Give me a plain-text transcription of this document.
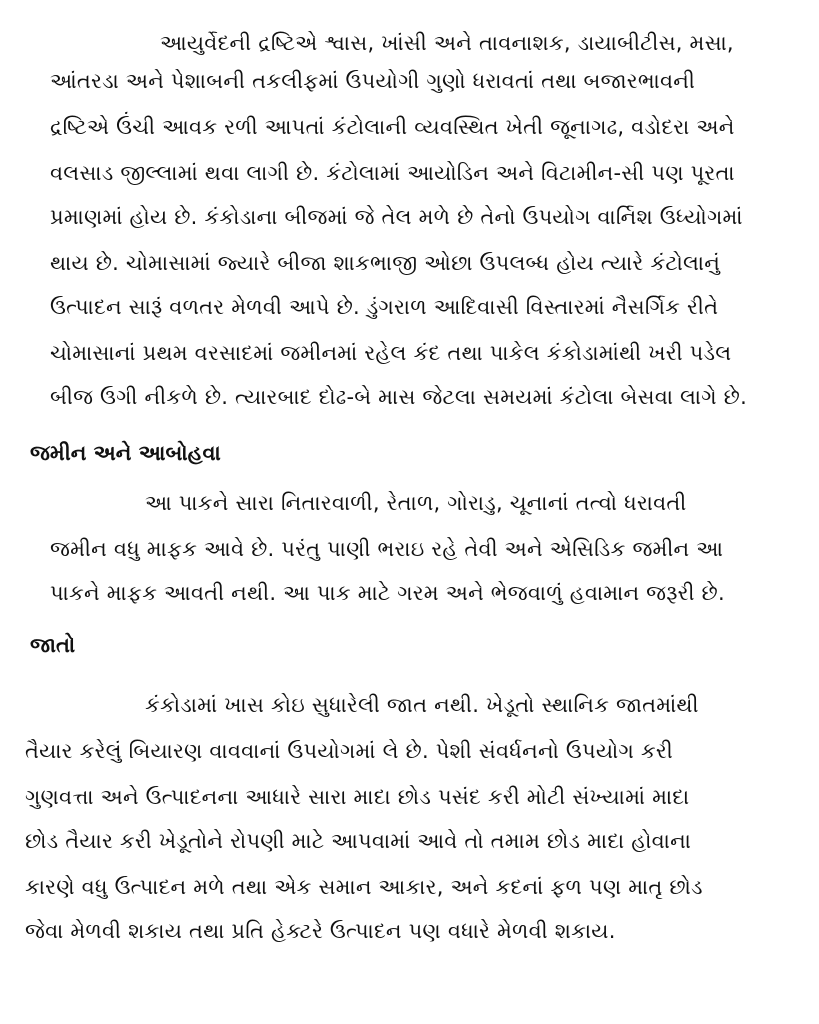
આયુર્વેદની દ્રષ્ટિએ શ્વાસ, ખાંસી અને તાવનાશક, ડાયાબીટીસ, મસા,
આંતરડા અને પેશાબની તકલીફમાં ઉપયોગી ગુણો ધરાવતાં તથા બજારભાવની
દ્રષ્ટિએ ઉંચી આવક રળી આપતાં કંટોલાની વ્યવસ્થિત ખેતી જૂનાગઢ, વડોદરા અને
વલસાડ જીલ્લામાં થવા લાગી છે. કંટોલામાં આયોડિન અને વિટામીન-સી પણ પૂરતા
પ્રમાણમાં હોય છે. કંકોડાના બીજમાં જે તેલ મળે છે તેનો ઉપયોગ વાર્નિશ ઉધ્યોગમાં
થાય છે. ચોમાસામાં જ્યારે બીજા શાકભાજી ઓછા ઉપલબ્ધ હોય ત્યારે કંટોલાનું
ઉત્પાદન સારૂં વળતર મેળવી આપે છે. ડુંગરાળ આદિવાસી વિસ્તારમાં નૈસર્ગિક રીતે
ચોમાસાનાં પ્રથમ વરસાદમાં જમીનમાં રહેલ કંદ તથા પાકેલ કંકોડામાંથી ખરી પડેલ
બીજ ઉગી નીકળે છે. ત્યારબાદ દોઢ-બે માસ જેટલા સમયમાં કંટોલા બેસવા લાગે છે.
જમીન અને આબોહવા
આ પાકને સારા નિતારવાળી, રેતાળ, ગોરાડુ, ચૂનાનાં તત્વો ધરાવતી
જમીન વધુ માફક આવે છે. પરંતુ પાણી ભરાઇ રહે તેવી અને એસિડિક જમીન આ
પાકને માફક આવતી નથી. આ પાક માટે ગરમ અને ભેજવાળું હવામાન જરૂરી છે.
જાતો
કંકોડામાં ખાસ કોઇ સુધારેલી જાત નથી. ખેડૂતો સ્થાનિક જાતમાંથી
તૈયાર કરેલું બિયારણ વાવવાનાં ઉપયોગમાં લે છે. પેશી સંવર્ધનનો ઉપયોગ કરી
ગુણવત્તા અને ઉત્પાદનના આધારે સારા માદા છોડ પસંદ કરી મોટી સંખ્યામાં માદા
છોડ તૈયાર કરી ખેડૂતોને રોપણી માટે આપવામાં આવે તો તમામ છોડ માદા હોવાના
કારણે વધુ ઉત્પાદન મળે તથા એક સમાન આકાર, અને કદનાં ફળ પણ માતૃ છોડ
જેવા મેળવી શકાય તથા પ્રતિ હેક્ટરે ઉત્પાદન પણ વધારે મેળવી શકાય.
